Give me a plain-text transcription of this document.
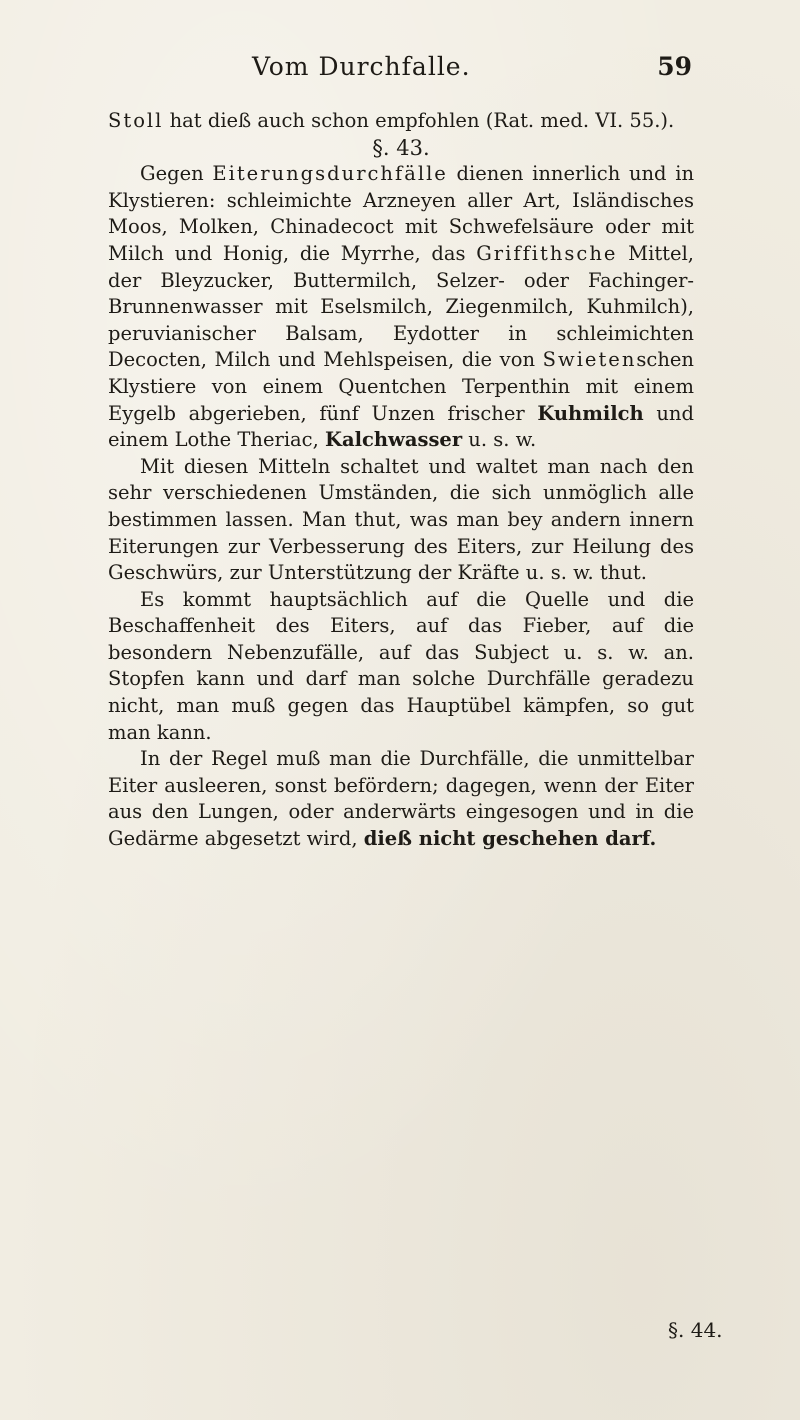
Vom Durchfalle.	59

Stoll hat dieß auch schon empfohlen (Rat. med. VI. 55.).

§. 43.

Gegen Eiterungsdurchfälle dienen innerlich und in Klystieren: schleimichte Arzneyen aller Art, Isländisches Moos, Molken, Chinadecoct mit Schwefelsäure oder mit Milch und Honig, die Myrrhe, das Griffithsche Mittel, der Bleyzucker, Buttermilch, Selzer- oder Fachinger-Brunnenwasser mit Eselsmilch, Ziegenmilch, Kuhmilch), peruvianischer Balsam, Eydotter in schleimichten Decocten, Milch und Mehlspeisen, die von Swietenschen Klystiere von einem Quentchen Terpenthin mit einem Eygelb abgerieben, fünf Unzen frischer Kuhmilch und einem Lothe Theriac, Kalchwasser u. s. w.

Mit diesen Mitteln schaltet und waltet man nach den sehr verschiedenen Umständen, die sich unmöglich alle bestimmen lassen. Man thut, was man bey andern innern Eiterungen zur Verbesserung des Eiters, zur Heilung des Geschwürs, zur Unterstützung der Kräfte u. s. w. thut.

Es kommt hauptsächlich auf die Quelle und die Beschaffenheit des Eiters, auf das Fieber, auf die besondern Nebenzufälle, auf das Subject u. s. w. an. Stopfen kann und darf man solche Durchfälle geradezu nicht, man muß gegen das Hauptübel kämpfen, so gut man kann.

In der Regel muß man die Durchfälle, die unmittelbar Eiter ausleeren, sonst befördern; dagegen, wenn der Eiter aus den Lungen, oder anderwärts eingesogen und in die Gedärme abgesetzt wird, dieß nicht geschehen darf.

§. 44.
